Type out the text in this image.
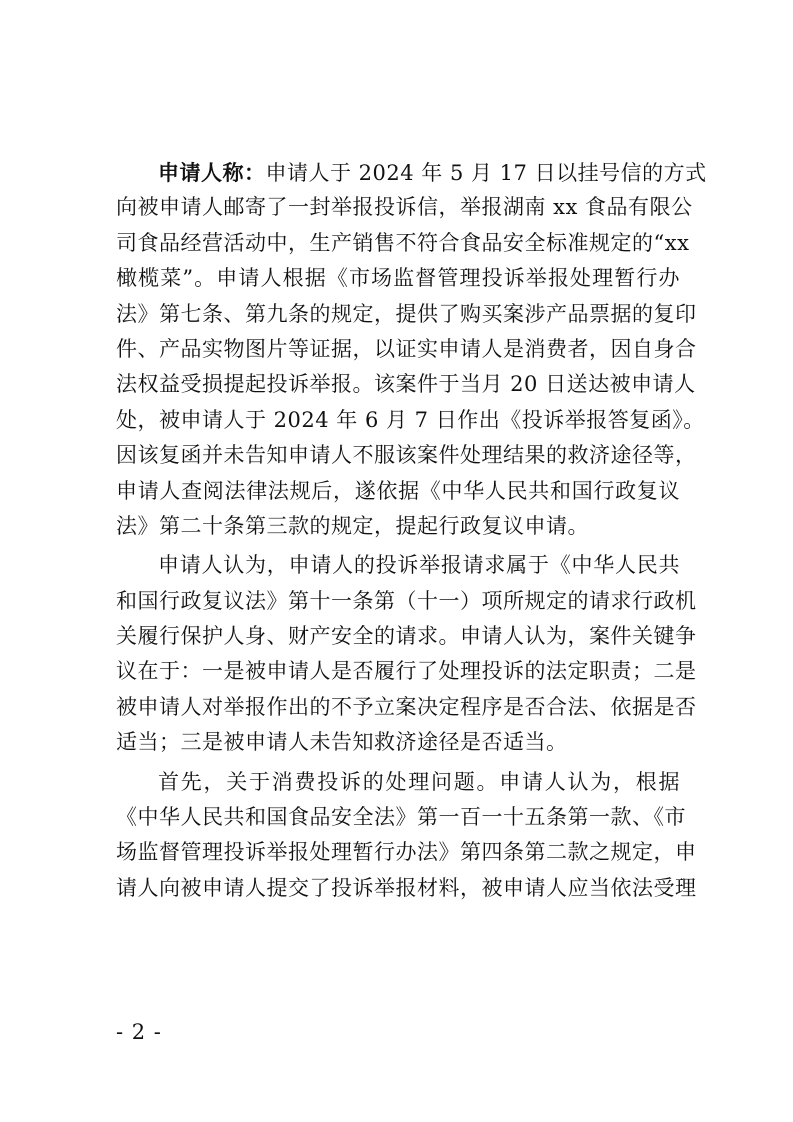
申请人称：申请人于 2024 年 5 月 17 日以挂号信的方式
向被申请人邮寄了一封举报投诉信，举报湖南 xx 食品有限公
司食品经营活动中，生产销售不符合食品安全标准规定的“xx
橄榄菜”。申请人根据《市场监督管理投诉举报处理暂行办
法》第七条、第九条的规定，提供了购买案涉产品票据的复印
件、产品实物图片等证据，以证实申请人是消费者，因自身合
法权益受损提起投诉举报。该案件于当月 20 日送达被申请人
处，被申请人于 2024 年 6 月 7 日作出《投诉举报答复函》。
因该复函并未告知申请人不服该案件处理结果的救济途径等，
申请人查阅法律法规后，遂依据《中华人民共和国行政复议
法》第二十条第三款的规定，提起行政复议申请。
申请人认为，申请人的投诉举报请求属于《中华人民共
和国行政复议法》第十一条第（十一）项所规定的请求行政机
关履行保护人身、财产安全的请求。申请人认为，案件关键争
议在于：一是被申请人是否履行了处理投诉的法定职责；二是
被申请人对举报作出的不予立案决定程序是否合法、依据是否
适当；三是被申请人未告知救济途径是否适当。
首先，关于消费投诉的处理问题。申请人认为，根据
《中华人民共和国食品安全法》第一百一十五条第一款、《市
场监督管理投诉举报处理暂行办法》第四条第二款之规定，申
请人向被申请人提交了投诉举报材料，被申请人应当依法受理
- 2 -
